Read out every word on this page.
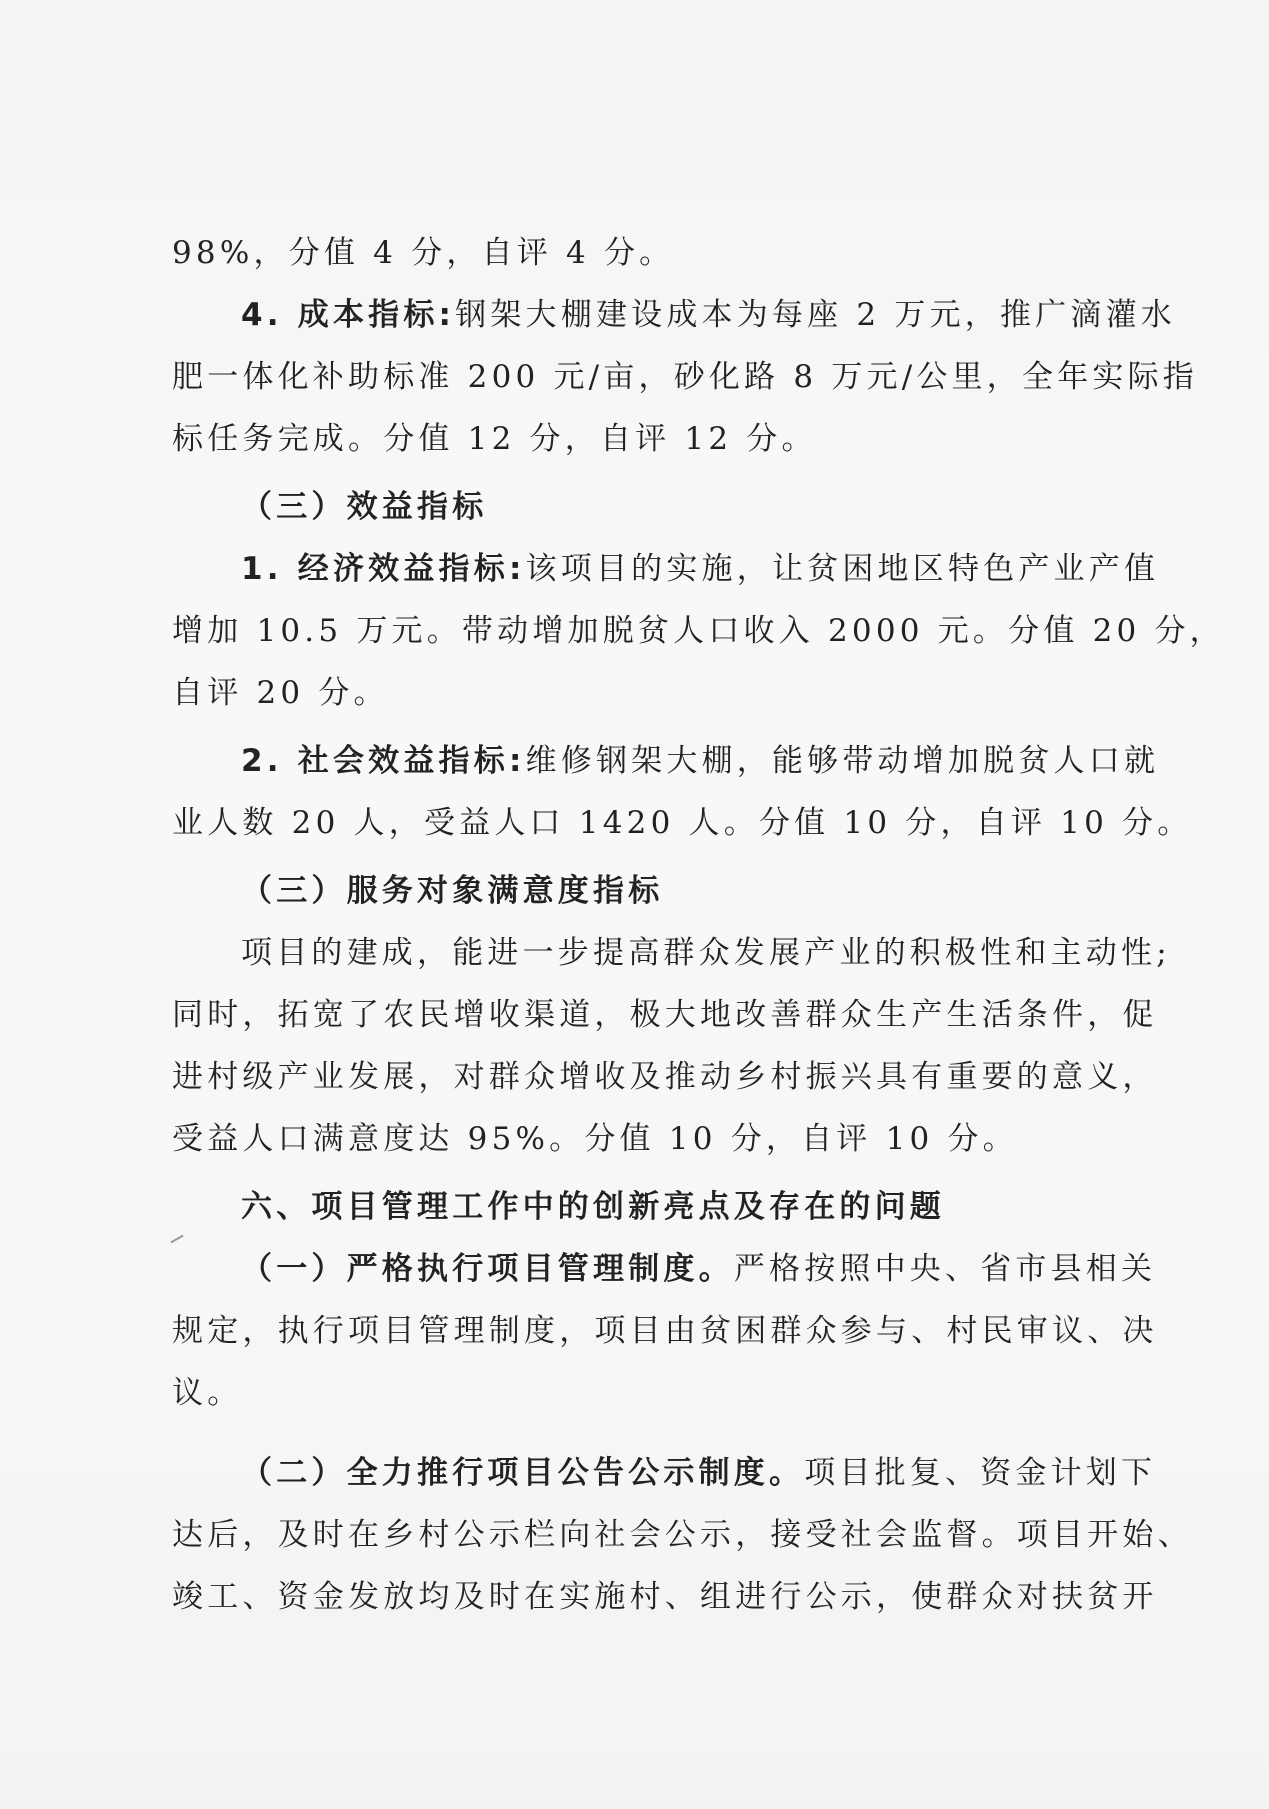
98%，分值 4 分，自评 4 分。

4. 成本指标:钢架大棚建设成本为每座 2 万元，推广滴灌水

肥一体化补助标准 200 元/亩，砂化路 8 万元/公里，全年实际指

标任务完成。分值 12 分，自评 12 分。

（三）效益指标

1. 经济效益指标:该项目的实施，让贫困地区特色产业产值

增加 10.5 万元。带动增加脱贫人口收入 2000 元。分值 20 分，

自评 20 分。

2. 社会效益指标:维修钢架大棚，能够带动增加脱贫人口就

业人数 20 人，受益人口 1420 人。分值 10 分，自评 10 分。

（三）服务对象满意度指标

项目的建成，能进一步提高群众发展产业的积极性和主动性;

同时，拓宽了农民增收渠道，极大地改善群众生产生活条件，促

进村级产业发展，对群众增收及推动乡村振兴具有重要的意义，

受益人口满意度达 95%。分值 10 分，自评 10 分。

六、项目管理工作中的创新亮点及存在的问题

（一）严格执行项目管理制度。严格按照中央、省市县相关

规定，执行项目管理制度，项目由贫困群众参与、村民审议、决

议。

（二）全力推行项目公告公示制度。项目批复、资金计划下

达后，及时在乡村公示栏向社会公示，接受社会监督。项目开始、

竣工、资金发放均及时在实施村、组进行公示，使群众对扶贫开
